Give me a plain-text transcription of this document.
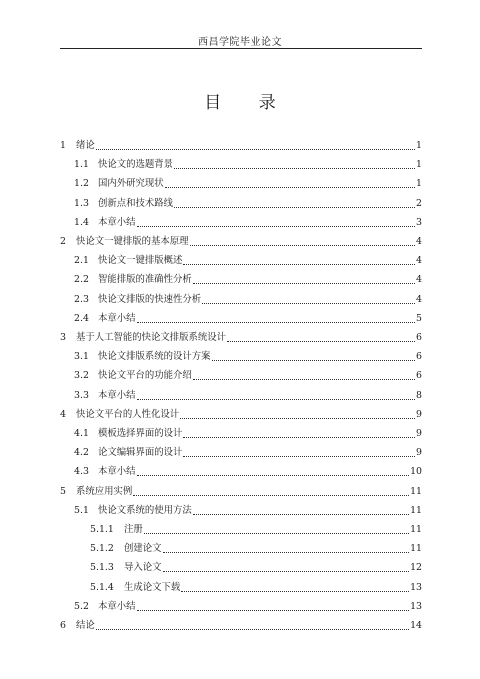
西昌学院毕业论文
目 录
1	绪论	1
1.1 快论文的选题背景	1
1.2 国内外研究现状	1
1.3 创新点和技术路线	2
1.4 本章小结	3
2	快论文一键排版的基本原理	4
2.1 快论文一键排版概述	4
2.2 智能排版的准确性分析	4
2.3 快论文排版的快速性分析	4
2.4 本章小结	5
3	基于人工智能的快论文排版系统设计	6
3.1 快论文排版系统的设计方案	6
3.2 快论文平台的功能介绍	6
3.3 本章小结	8
4	快论文平台的人性化设计	9
4.1 模板选择界面的设计	9
4.2 论文编辑界面的设计	9
4.3 本章小结	10
5	系统应用实例	11
5.1 快论文系统的使用方法	11
5.1.1	注册	11
5.1.2	创建论文	11
5.1.3	导入论文	12
5.1.4	生成论文下载	13
5.2 本章小结	13
6	结论	14
